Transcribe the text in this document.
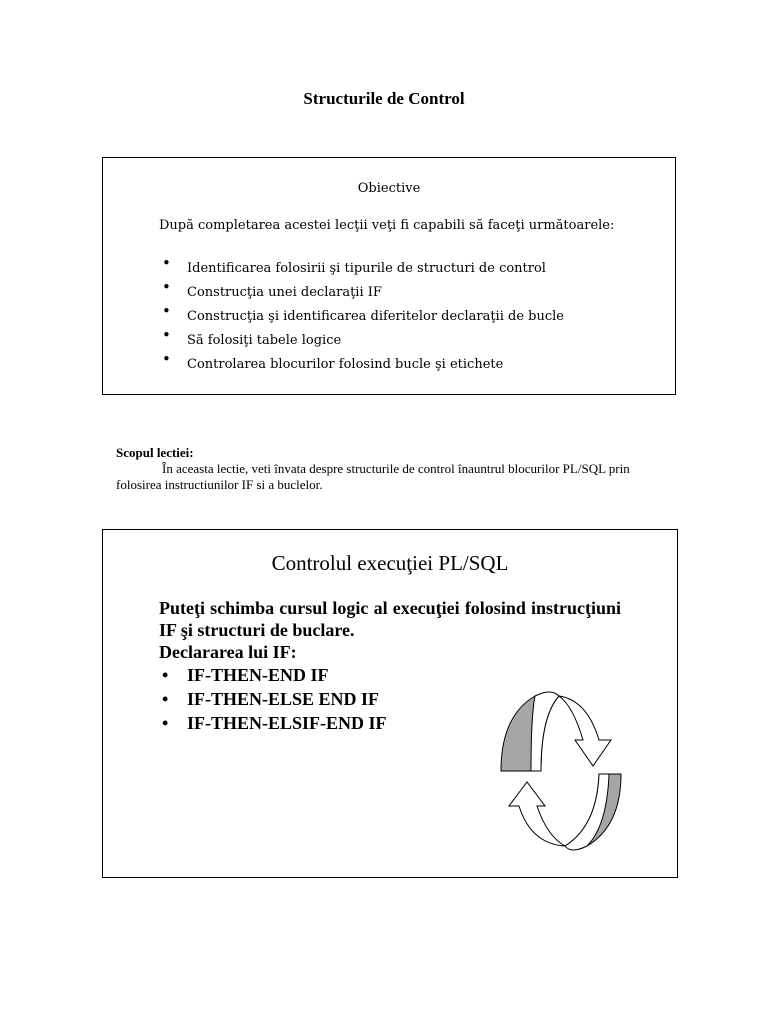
Structurile de Control
Obiective
După completarea acestei lecţii veţi fi capabili să faceţi următoarele:
• Identificarea folosirii şi tipurile de structuri de control
• Construcţia unei declaraţii IF
• Construcţia şi identificarea diferitelor declaraţii de bucle
• Să folosiţi tabele logice
• Controlarea blocurilor folosind bucle şi etichete
Scopul lectiei:
În aceasta lectie, veti învata despre structurile de control înauntrul blocurilor PL/SQL prin folosirea instructiunilor IF si a buclelor.
Controlul execuţiei PL/SQL
Puteţi schimba cursul logic al execuţiei folosind instrucţiuni IF şi structuri de buclare.
Declararea lui IF:
• IF-THEN-END IF
• IF-THEN-ELSE END IF
• IF-THEN-ELSIF-END IF
